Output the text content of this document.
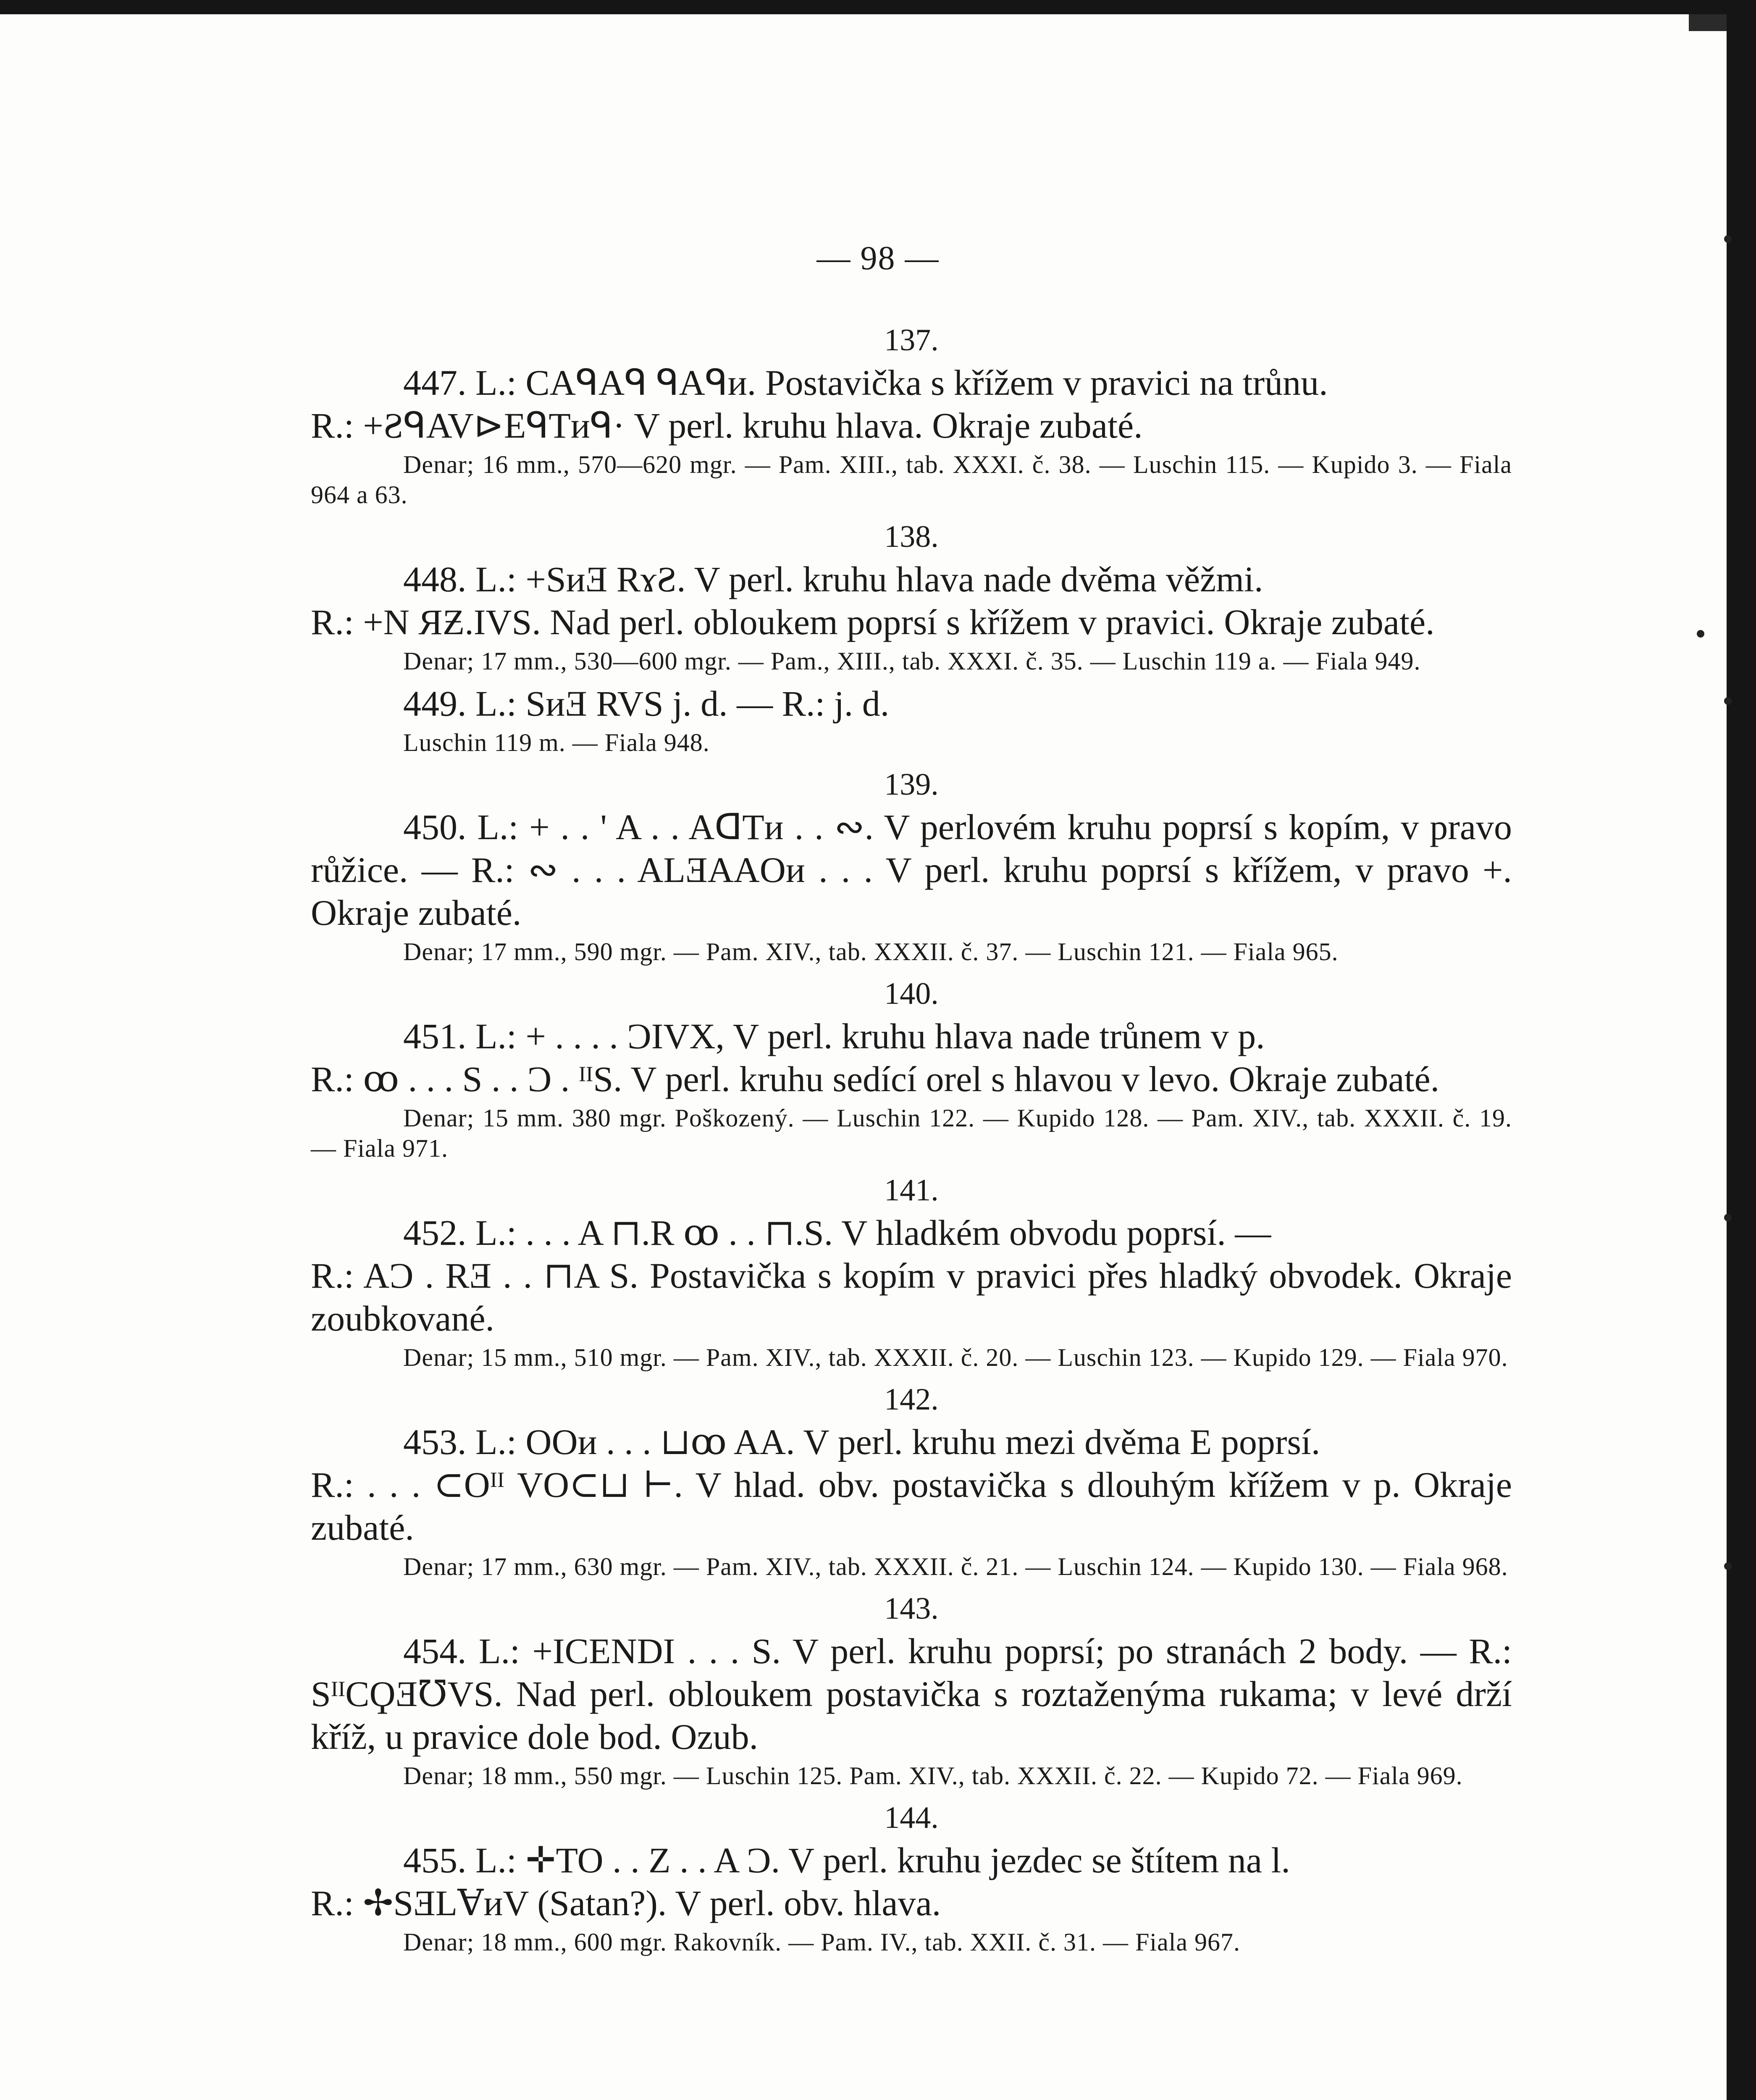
— 98 —

137.

447. L.: CAᑫAᑫ ᑫAᑫᴎ. Postavička s křížem v pravici na trůnu.

R.: +ƧᑫAV⊳EᑫTᴎᑫ· V perl. kruhu hlava. Okraje zubaté.

Denar; 16 mm., 570—620 mgr. — Pam. XIII., tab. XXXI. č. 38. — Luschin 115. — Kupido 3. — Fiala 964 a 63.

138.

448. L.: +SᴎƎ RɤƧ. V perl. kruhu hlava nade dvěma věžmi.

R.: +N ЯƵ.IVS. Nad perl. obloukem poprsí s křížem v pravici. Okraje zubaté.

Denar; 17 mm., 530—600 mgr. — Pam., XIII., tab. XXXI. č. 35. — Luschin 119 a. — Fiala 949.

449. L.: SᴎƎ RVS j. d. — R.: j. d.

Luschin 119 m. — Fiala 948.

139.

450. L.: + . . ' A . . AᗡTᴎ . . ∾. V perlovém kruhu poprsí s kopím, v pravo růžice. — R.: ∾ . . . ALƎAAOᴎ . . . V perl. kruhu poprsí s křížem, v pravo +. Okraje zubaté.

Denar; 17 mm., 590 mgr. — Pam. XIV., tab. XXXII. č. 37. — Luschin 121. — Fiala 965.

140.

451. L.: + . . . . ƆIVX, V perl. kruhu hlava nade trůnem v p.

R.: ꝏ . . . S . . Ɔ . ᴵᴵS. V perl. kruhu sedící orel s hlavou v levo. Okraje zubaté.

Denar; 15 mm. 380 mgr. Poškozený. — Luschin 122. — Kupido 128. — Pam. XIV., tab. XXXII. č. 19. — Fiala 971.

141.

452. L.: . . . A ⊓.R ꝏ . . ⊓.S. V hladkém obvodu poprsí. —

R.: AƆ . RƎ . . ⊓A S. Postavička s kopím v pravici přes hladký obvodek. Okraje zoubkované.

Denar; 15 mm., 510 mgr. — Pam. XIV., tab. XXXII. č. 20. — Luschin 123. — Kupido 129. — Fiala 970.

142.

453. L.: OOᴎ . . . ⊔ꝏ AA. V perl. kruhu mezi dvěma E poprsí.

R.: . . . ⊂Oᴵᴵ VO⊂⊔ ⊢. V hlad. obv. postavička s dlouhým křížem v p. Okraje zubaté.

Denar; 17 mm., 630 mgr. — Pam. XIV., tab. XXXII. č. 21. — Luschin 124. — Kupido 130. — Fiala 968.

143.

454. L.: +ICENDI . . . S. V perl. kruhu poprsí; po stranách 2 body. — R.: SᴵᴵCϘƎ℧VS. Nad perl. obloukem postavička s roztaženýma rukama; v levé drží kříž, u pravice dole bod. Ozub.

Denar; 18 mm., 550 mgr. — Luschin 125. Pam. XIV., tab. XXXII. č. 22. — Kupido 72. — Fiala 969.

144.

455. L.: ✛TO . . Z . . A Ɔ. V perl. kruhu jezdec se štítem na l.

R.: ✢SƎLⱯᴎV (Satan?). V perl. obv. hlava.

Denar; 18 mm., 600 mgr. Rakovník. — Pam. IV., tab. XXII. č. 31. — Fiala 967.
